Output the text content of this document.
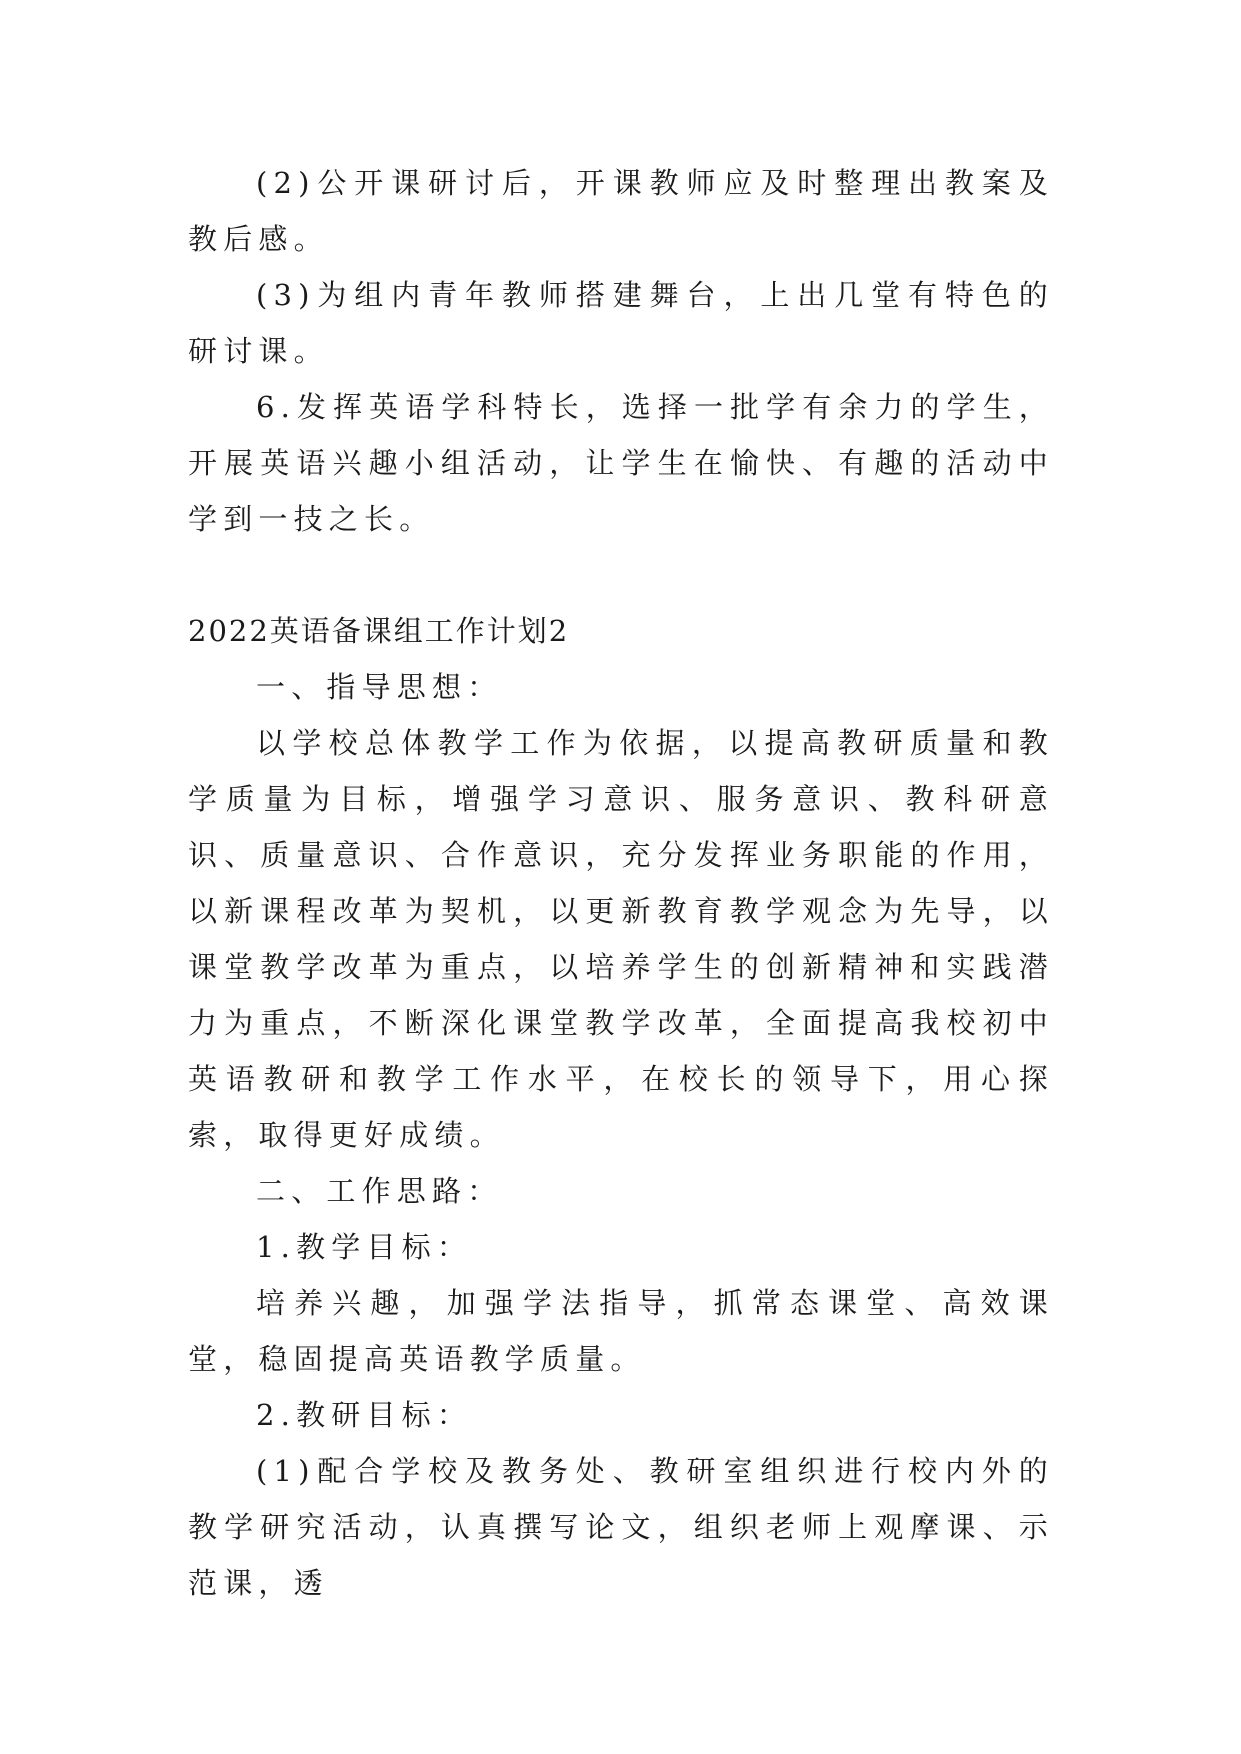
(2)公开课研讨后，开课教师应及时整理出教案及教后感。

(3)为组内青年教师搭建舞台，上出几堂有特色的研讨课。

6.发挥英语学科特长，选择一批学有余力的学生，开展英语兴趣小组活动，让学生在愉快、有趣的活动中学到一技之长。

2022英语备课组工作计划2

一、指导思想：

以学校总体教学工作为依据，以提高教研质量和教学质量为目标，增强学习意识、服务意识、教科研意识、质量意识、合作意识，充分发挥业务职能的作用，以新课程改革为契机，以更新教育教学观念为先导，以课堂教学改革为重点，以培养学生的创新精神和实践潜力为重点，不断深化课堂教学改革，全面提高我校初中英语教研和教学工作水平，在校长的领导下，用心探索，取得更好成绩。

二、工作思路：

1.教学目标：

培养兴趣，加强学法指导，抓常态课堂、高效课堂，稳固提高英语教学质量。

2.教研目标：

(1)配合学校及教务处、教研室组织进行校内外的教学研究活动，认真撰写论文，组织老师上观摩课、示范课，透
